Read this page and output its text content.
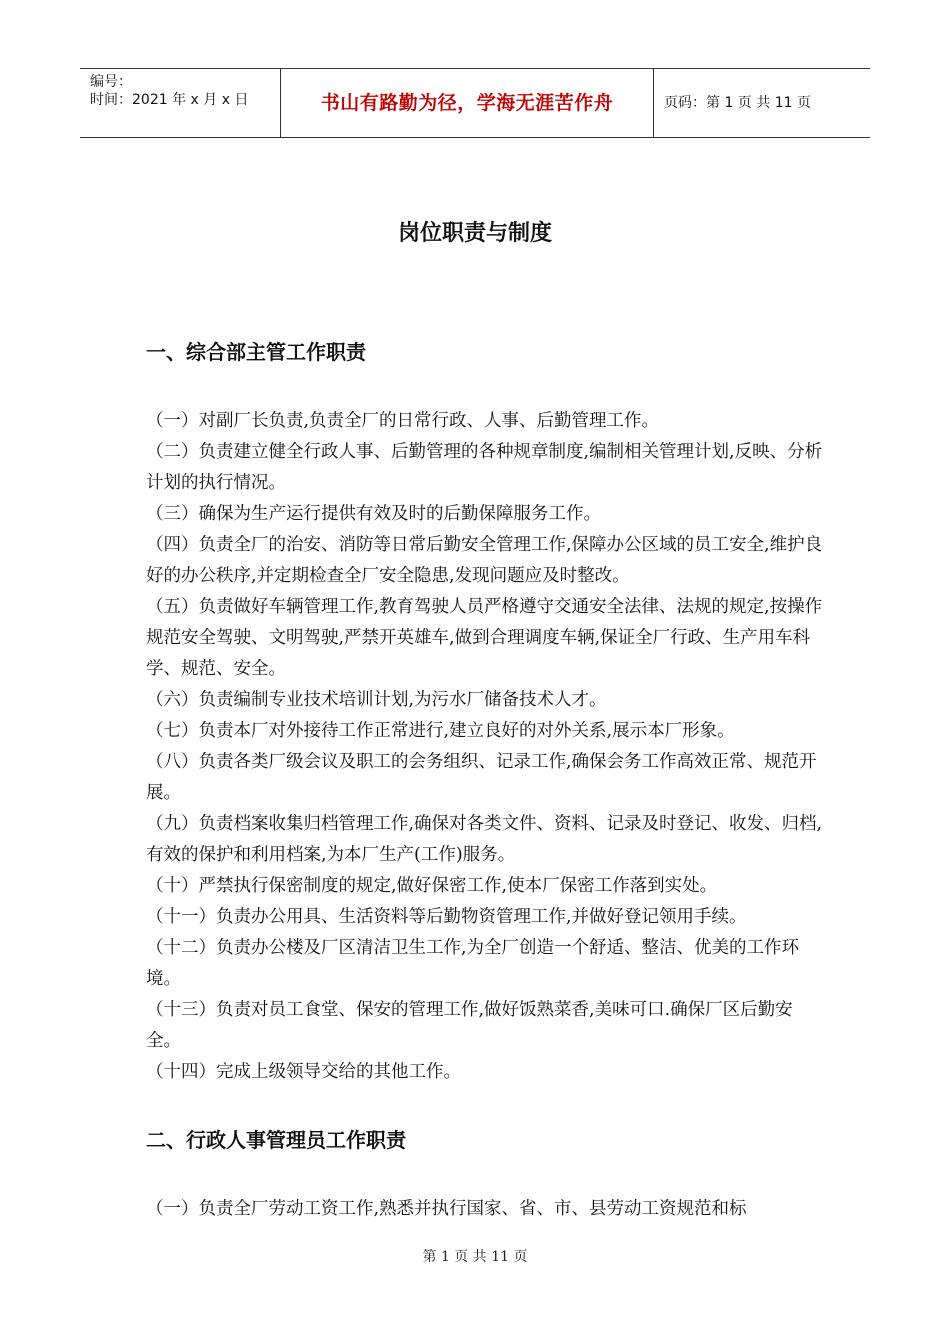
编号：
时间：2021 年 x 月 x 日	书山有路勤为径，学海无涯苦作舟	页码：第 1 页 共 11 页
岗位职责与制度
一、综合部主管工作职责

（一）对副厂长负责,负责全厂的日常行政、人事、后勤管理工作。

（二）负责建立健全行政人事、后勤管理的各种规章制度,编制相关管理计划,反映、分析计划的执行情况。

（三）确保为生产运行提供有效及时的后勤保障服务工作。

（四）负责全厂的治安、消防等日常后勤安全管理工作,保障办公区域的员工安全,维护良好的办公秩序,并定期检查全厂安全隐患,发现问题应及时整改。

（五）负责做好车辆管理工作,教育驾驶人员严格遵守交通安全法律、法规的规定,按操作规范安全驾驶、文明驾驶,严禁开英雄车,做到合理调度车辆,保证全厂行政、生产用车科学、规范、安全。

（六）负责编制专业技术培训计划,为污水厂储备技术人才。

（七）负责本厂对外接待工作正常进行,建立良好的对外关系,展示本厂形象。

（八）负责各类厂级会议及职工的会务组织、记录工作,确保会务工作高效正常、规范开展。

（九）负责档案收集归档管理工作,确保对各类文件、资料、记录及时登记、收发、归档,有效的保护和利用档案,为本厂生产(工作)服务。

（十）严禁执行保密制度的规定,做好保密工作,使本厂保密工作落到实处。

（十一）负责办公用具、生活资料等后勤物资管理工作,并做好登记领用手续。

（十二）负责办公楼及厂区清洁卫生工作,为全厂创造一个舒适、整洁、优美的工作环境。

（十三）负责对员工食堂、保安的管理工作,做好饭熟菜香,美味可口.确保厂区后勤安全。

（十四）完成上级领导交给的其他工作。

二、行政人事管理员工作职责

（一）负责全厂劳动工资工作,熟悉并执行国家、省、市、县劳动工资规范和标

第 1 页 共 11 页
